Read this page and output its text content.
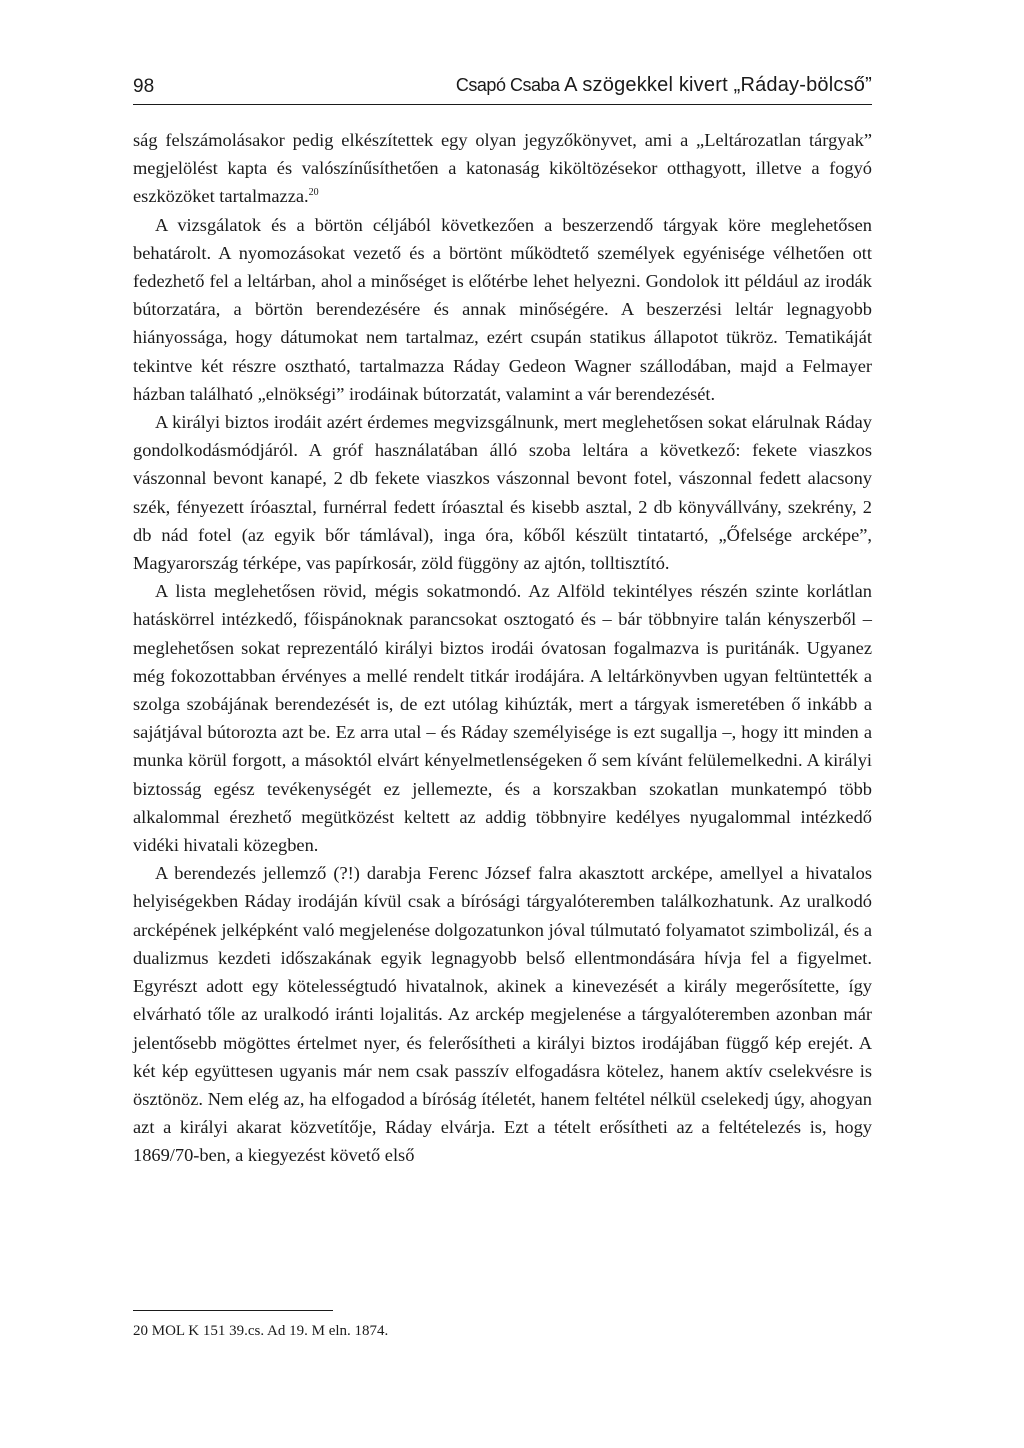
98	Csapó Csaba A szögekkel kivert „Ráday-bölcső”

ság felszámolásakor pedig elkészítettek egy olyan jegyzőkönyvet, ami a „Leltározatlan tárgyak” megjelölést kapta és valószínűsíthetően a katonaság kiköltözésekor otthagyott, illetve a fogyó eszközöket tartalmazza.$^{20}$

A vizsgálatok és a börtön céljából következően a beszerzendő tárgyak köre meglehetősen behatárolt. A nyomozásokat vezető és a börtönt működtető személyek egyénisége vélhetően ott fedezhető fel a leltárban, ahol a minőséget is előtérbe lehet helyezni. Gondolok itt például az irodák bútorzatára, a börtön berendezésére és annak minőségére. A beszerzési leltár legnagyobb hiányossága, hogy dátumokat nem tartalmaz, ezért csupán statikus állapotot tükröz. Tematikáját tekintve két részre osztható, tartalmazza Ráday Gedeon Wagner szállodában, majd a Felmayer házban található „elnökségi” irodáinak bútorzatát, valamint a vár berendezését.

A királyi biztos irodáit azért érdemes megvizsgálnunk, mert meglehetősen sokat elárulnak Ráday gondolkodásmódjáról. A gróf használatában álló szoba leltára a következő: fekete viaszkos vászonnal bevont kanapé, 2 db fekete viaszkos vászonnal bevont fotel, vászonnal fedett alacsony szék, fényezett íróasztal, furnérral fedett íróasztal és kisebb asztal, 2 db könyvállvány, szekrény, 2 db nád fotel (az egyik bőr támlával), inga óra, kőből készült tintatartó, „Őfelsége arcképe”, Magyarország térképe, vas papírkosár, zöld függöny az ajtón, tolltisztító.

A lista meglehetősen rövid, mégis sokatmondó. Az Alföld tekintélyes részén szinte korlátlan hatáskörrel intézkedő, főispánoknak parancsokat osztogató és – bár többnyire talán kényszerből – meglehetősen sokat reprezentáló királyi biztos irodái óvatosan fogalmazva is puritánák. Ugyanez még fokozottabban érvényes a mellé rendelt titkár irodájára. A leltárkönyvben ugyan feltüntették a szolga szobájának berendezését is, de ezt utólag kihúzták, mert a tárgyak ismeretében ő inkább a sajátjával bútorozta azt be. Ez arra utal – és Ráday személyisége is ezt sugallja –, hogy itt minden a munka körül forgott, a másoktól elvárt kényelmetlenségeken ő sem kívánt felülemelkedni. A királyi biztosság egész tevékenységét ez jellemezte, és a korszakban szokatlan munkatempó több alkalommal érezhető megütközést keltett az addig többnyire kedélyes nyugalommal intézkedő vidéki hivatali közegben.

A berendezés jellemző (?!) darabja Ferenc József falra akasztott arcképe, amellyel a hivatalos helyiségekben Ráday irodáján kívül csak a bírósági tárgyalóteremben találkozhatunk. Az uralkodó arcképének jelképként való megjelenése dolgozatunkon jóval túlmutató folyamatot szimbolizál, és a dualizmus kezdeti időszakának egyik legnagyobb belső ellentmondására hívja fel a figyelmet. Egyrészt adott egy kötelességtudó hivatalnok, akinek a kinevezését a király megerősítette, így elvárható tőle az uralkodó iránti lojalitás. Az arckép megjelenése a tárgyalóteremben azonban már jelentősebb mögöttes értelmet nyer, és felerősítheti a királyi biztos irodájában függő kép erejét. A két kép együttesen ugyanis már nem csak passzív elfogadásra kötelez, hanem aktív cselekvésre is ösztönöz. Nem elég az, ha elfogadod a bíróság ítéletét, hanem feltétel nélkül cselekedj úgy, ahogyan azt a királyi akarat közvetítője, Ráday elvárja. Ezt a tételt erősítheti az a feltételezés is, hogy 1869/70-ben, a kiegyezést követő első

20 MOL K 151 39.cs. Ad 19. M eln. 1874.
